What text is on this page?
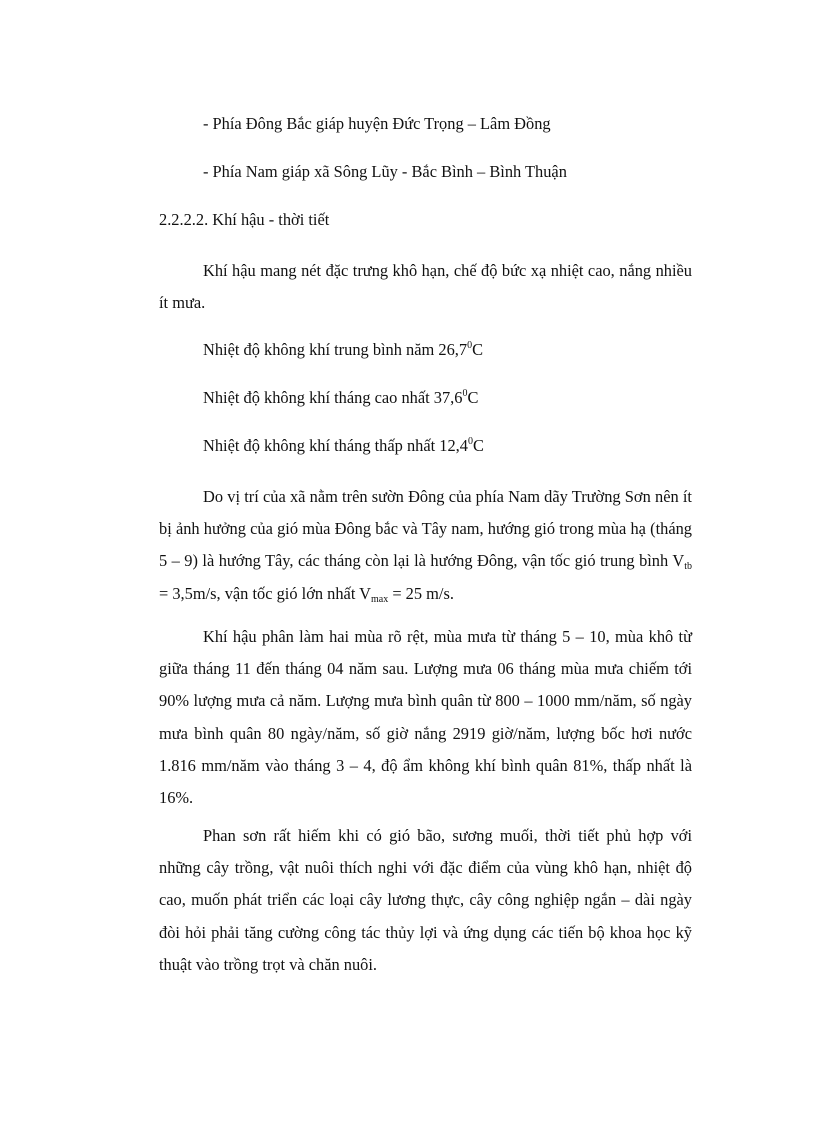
- Phía Đông Bắc giáp huyện Đức Trọng – Lâm Đồng
- Phía Nam giáp xã Sông Lũy - Bắc Bình – Bình Thuận
2.2.2.2. Khí hậu - thời tiết
Khí hậu mang nét đặc trưng khô hạn, chế độ bức xạ nhiệt cao, nắng nhiều ít mưa.
Nhiệt độ không khí trung bình năm 26,7$^0$C
Nhiệt độ không khí tháng cao nhất 37,6$^0$C
Nhiệt độ không khí tháng thấp nhất 12,4$^0$C
Do vị trí của xã nằm trên sườn Đông của phía Nam dãy Trường Sơn nên ít bị ảnh hưởng của gió mùa Đông bắc và Tây nam, hướng gió trong mùa hạ (tháng 5 – 9) là hướng Tây, các tháng còn lại là hướng Đông, vận tốc gió trung bình $V_{tb} = 3,5m/s$, vận tốc gió lớn nhất $V_{max} = 25$ m/s.
Khí hậu phân làm hai mùa rõ rệt, mùa mưa từ tháng 5 – 10, mùa khô từ giữa tháng 11 đến tháng 04 năm sau. Lượng mưa 06 tháng mùa mưa chiếm tới 90% lượng mưa cả năm. Lượng mưa bình quân từ 800 – 1000 mm/năm, số ngày mưa bình quân 80 ngày/năm, số giờ nắng 2919 giờ/năm, lượng bốc hơi nước 1.816 mm/năm vào tháng 3 – 4, độ ẩm không khí bình quân 81%, thấp nhất là 16%.
Phan sơn rất hiếm khi có gió bão, sương muối, thời tiết phủ hợp với những cây trồng, vật nuôi thích nghi với đặc điểm của vùng khô hạn, nhiệt độ cao, muốn phát triển các loại cây lương thực, cây công nghiệp ngắn – dài ngày đòi hỏi phải tăng cường công tác thủy lợi và ứng dụng các tiến bộ khoa học kỹ thuật vào trồng trọt và chăn nuôi.
